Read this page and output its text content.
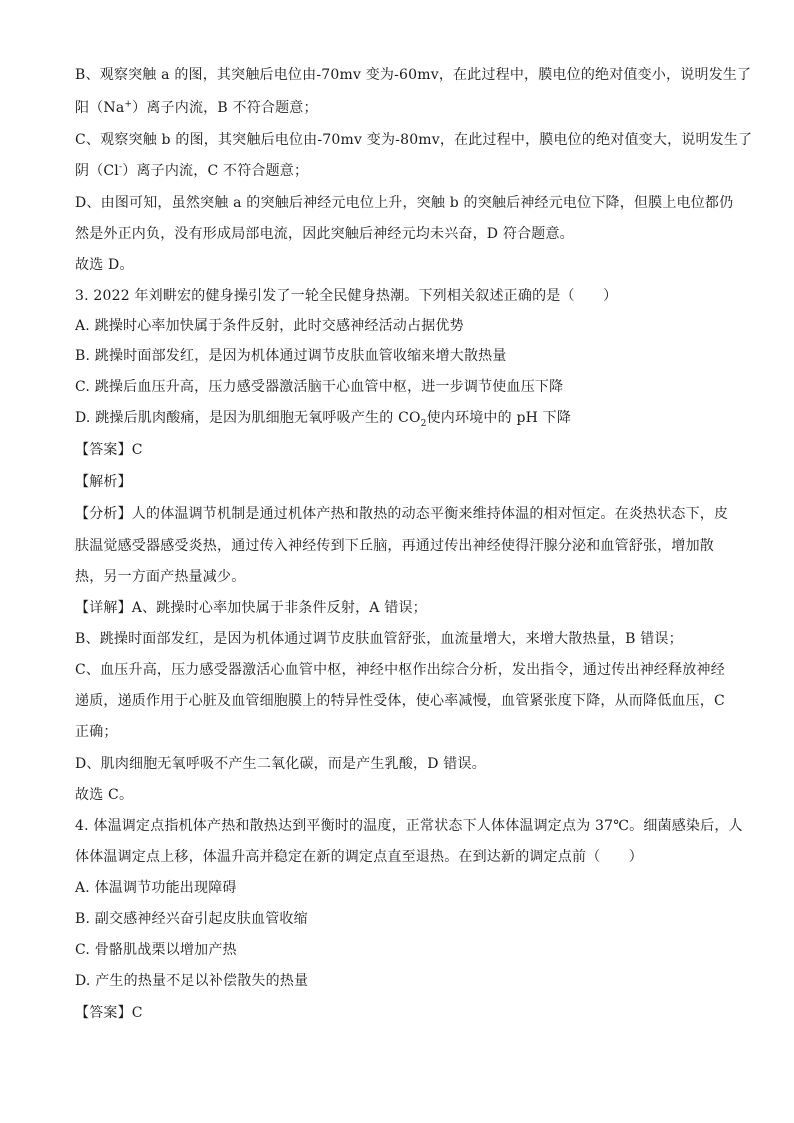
B、观察突触 a 的图，其突触后电位由-70mv 变为-60mv，在此过程中，膜电位的绝对值变小，说明发生了
阳（Na+）离子内流，B 不符合题意；
C、观察突触 b 的图，其突触后电位由-70mv 变为-80mv，在此过程中，膜电位的绝对值变大，说明发生了
阴（Cl-）离子内流，C 不符合题意；
D、由图可知，虽然突触 a 的突触后神经元电位上升，突触 b 的突触后神经元电位下降，但膜上电位都仍
然是外正内负，没有形成局部电流，因此突触后神经元均未兴奋，D 符合题意。
故选 D。
3. 2022 年刘畊宏的健身操引发了一轮全民健身热潮。下列相关叙述正确的是（　　）
A. 跳操时心率加快属于条件反射，此时交感神经活动占据优势
B. 跳操时面部发红，是因为机体通过调节皮肤血管收缩来增大散热量
C. 跳操后血压升高，压力感受器激活脑干心血管中枢，进一步调节使血压下降
D. 跳操后肌肉酸痛，是因为肌细胞无氧呼吸产生的 $CO_2$使内环境中的 pH 下降
【答案】C
【解析】
【分析】人的体温调节机制是通过机体产热和散热的动态平衡来维持体温的相对恒定。在炎热状态下，皮
肤温觉感受器感受炎热，通过传入神经传到下丘脑，再通过传出神经使得汗腺分泌和血管舒张，增加散
热，另一方面产热量减少。
【详解】A、跳操时心率加快属于非条件反射，A 错误；
B、跳操时面部发红，是因为机体通过调节皮肤血管舒张，血流量增大，来增大散热量，B 错误；
C、血压升高，压力感受器激活心血管中枢，神经中枢作出综合分析，发出指令，通过传出神经释放神经
递质，递质作用于心脏及血管细胞膜上的特异性受体，使心率减慢，血管紧张度下降，从而降低血压，C
正确；
D、肌肉细胞无氧呼吸不产生二氧化碳，而是产生乳酸，D 错误。
故选 C。
4. 体温调定点指机体产热和散热达到平衡时的温度，正常状态下人体体温调定点为 37℃。细菌感染后，人
体体温调定点上移，体温升高并稳定在新的调定点直至退热。在到达新的调定点前（　　）
A. 体温调节功能出现障碍
B. 副交感神经兴奋引起皮肤血管收缩
C. 骨骼肌战栗以增加产热
D. 产生的热量不足以补偿散失的热量
【答案】C
